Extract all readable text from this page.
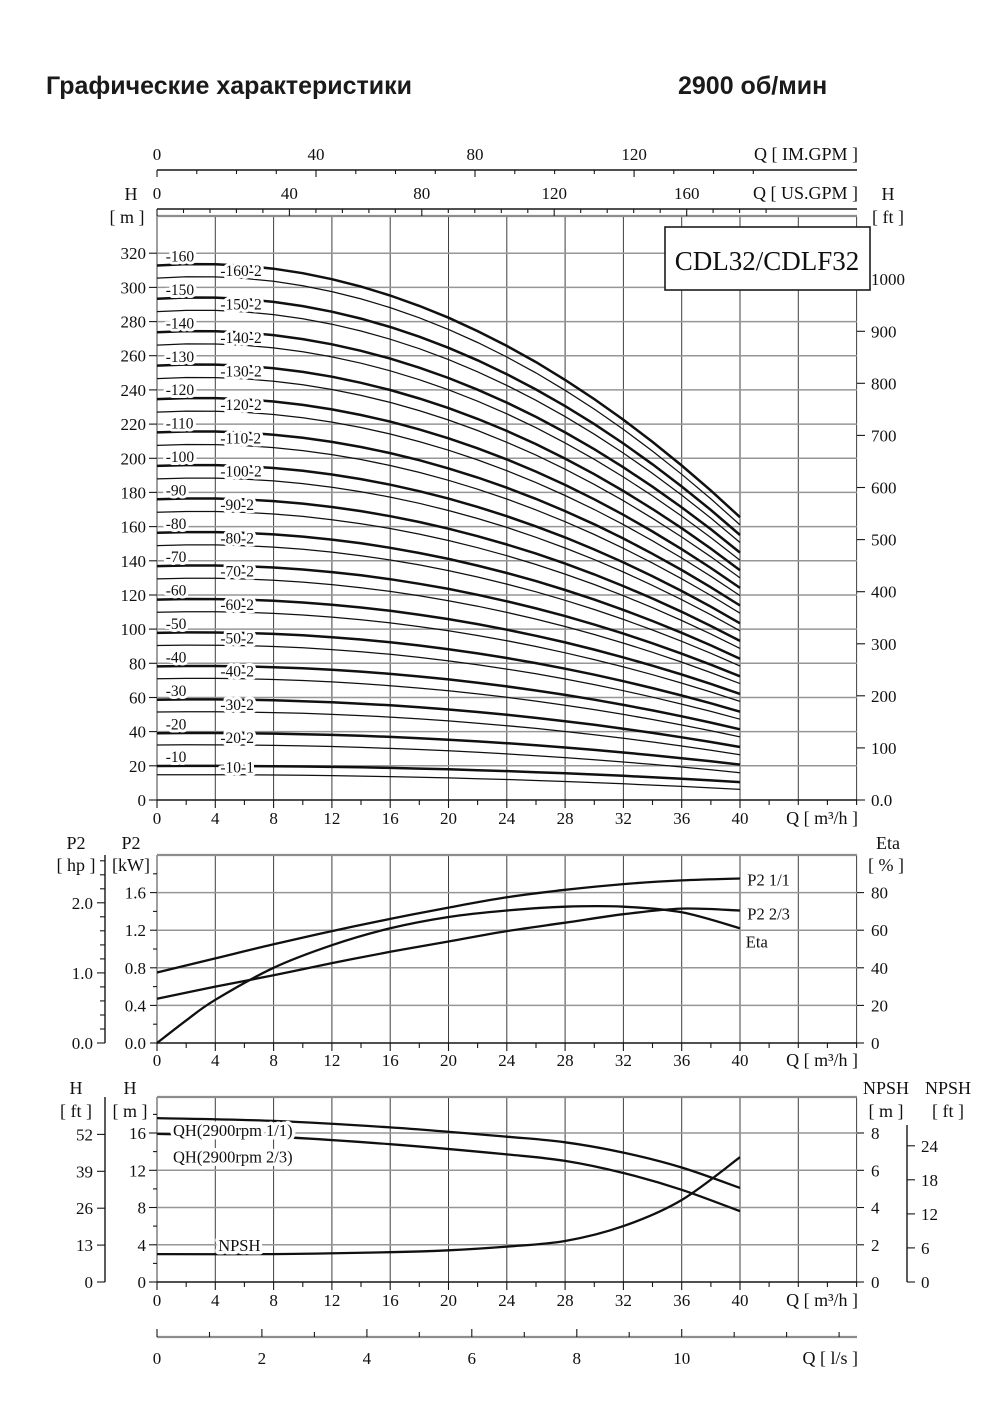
Графические характеристики	2900 об/мин
Q [ IM.GPM ]
0	40	80	120
Q [ US.GPM ]
0	40	80	120	160
H
[ m ]
0
20
40
60
80
100
120
140
160
180
200
220
240
260
280
300
320
H
[ ft ]
0.0
100
200
300
400
500
600
700
800
900
1000
Q [ m³/h ]
0	4	8	12 16 20 24 28 32 36 40
-160
-160-2
-150
-150-2
-140
-140-2
-130
-130-2
-120
-120-2
-110
-110-2
-100
-100-2
-90
-90-2
-80
-80-2
-70
-70-2
-60
-60-2
-50
-50-2
-40
-40-2
-30
-30-2
-20
-20-2
-10
-10-1
CDL32/CDLF32
P2
[ hp ]
0.0
1.0
2.0
P2
[kW]
0.0
0.4
0.8
1.2
1.6
Eta
[ % ]
0
20
40
60
80
Q [ m³/h ]
0	4	8	12 16 20 24 28 32 36 40
P2 1/1
P2 2/3
Eta
H
[ ft ]
0
13
26
39
52
H
[ m ]
0
4
8
12
16
NPSH
[ m ]
0
2
4
6
8
NPSH
[ ft ]
0
6
12
18
24
Q [ m³/h ]
0	4	8	12 16 20 24 28 32 36 40
Q [ l/s ]
0	2	4	6	8	10
QH(2900rpm 1/1)
QH(2900rpm 2/3)
NPSH
